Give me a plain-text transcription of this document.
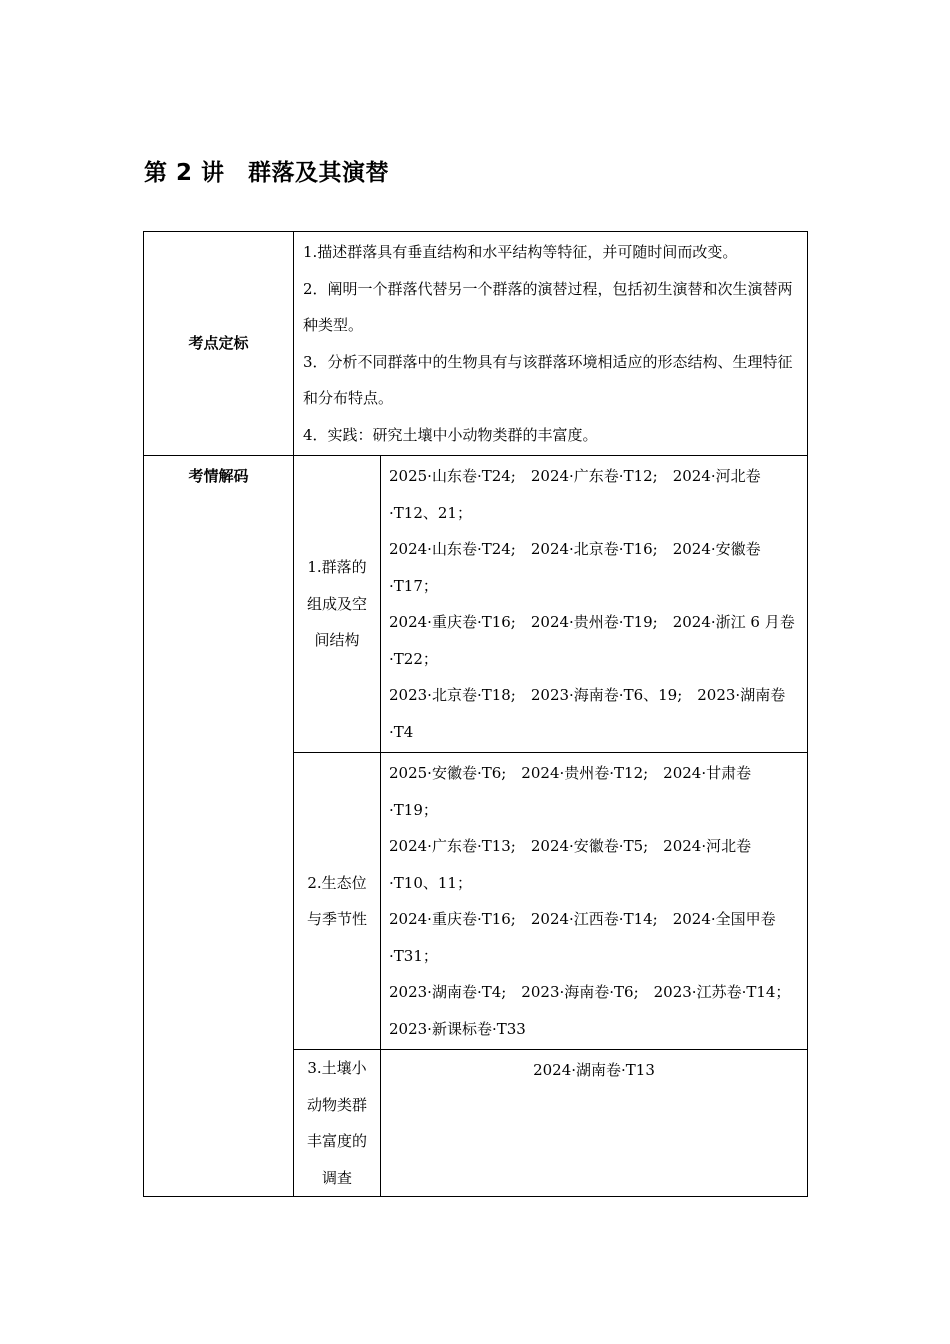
第 2 讲　群落及其演替
考点定标	1.描述群落具有垂直结构和水平结构等特征，并可随时间而改变。
2．阐明一个群落代替另一个群落的演替过程，包括初生演替和次生演替两种类型。
3．分析不同群落中的生物具有与该群落环境相适应的形态结构、生理特征和分布特点。
4．实践：研究土壤中小动物类群的丰富度。	

考情解码	1.群落的组成及空间结构	2025·山东卷·T24;　2024·广东卷·T12;　2024·河北卷·T12、21；
2024·山东卷·T24;　2024·北京卷·T16;　2024·安徽卷·T17；
2024·重庆卷·T16;　2024·贵州卷·T19;　2024·浙江 6 月卷·T22；
2023·北京卷·T18;　2023·海南卷·T6、19;　2023·湖南卷·T4

	2.生态位与季节性	2025·安徽卷·T6;　2024·贵州卷·T12;　2024·甘肃卷·T19；
2024·广东卷·T13;　2024·安徽卷·T5;　2024·河北卷·T10、11；
2024·重庆卷·T16;　2024·江西卷·T14;　2024·全国甲卷·T31；
2023·湖南卷·T4;　2023·海南卷·T6;　2023·江苏卷·T14；
2023·新课标卷·T33

	3.土壤小动物类群丰富度的调查	2024·湖南卷·T13
